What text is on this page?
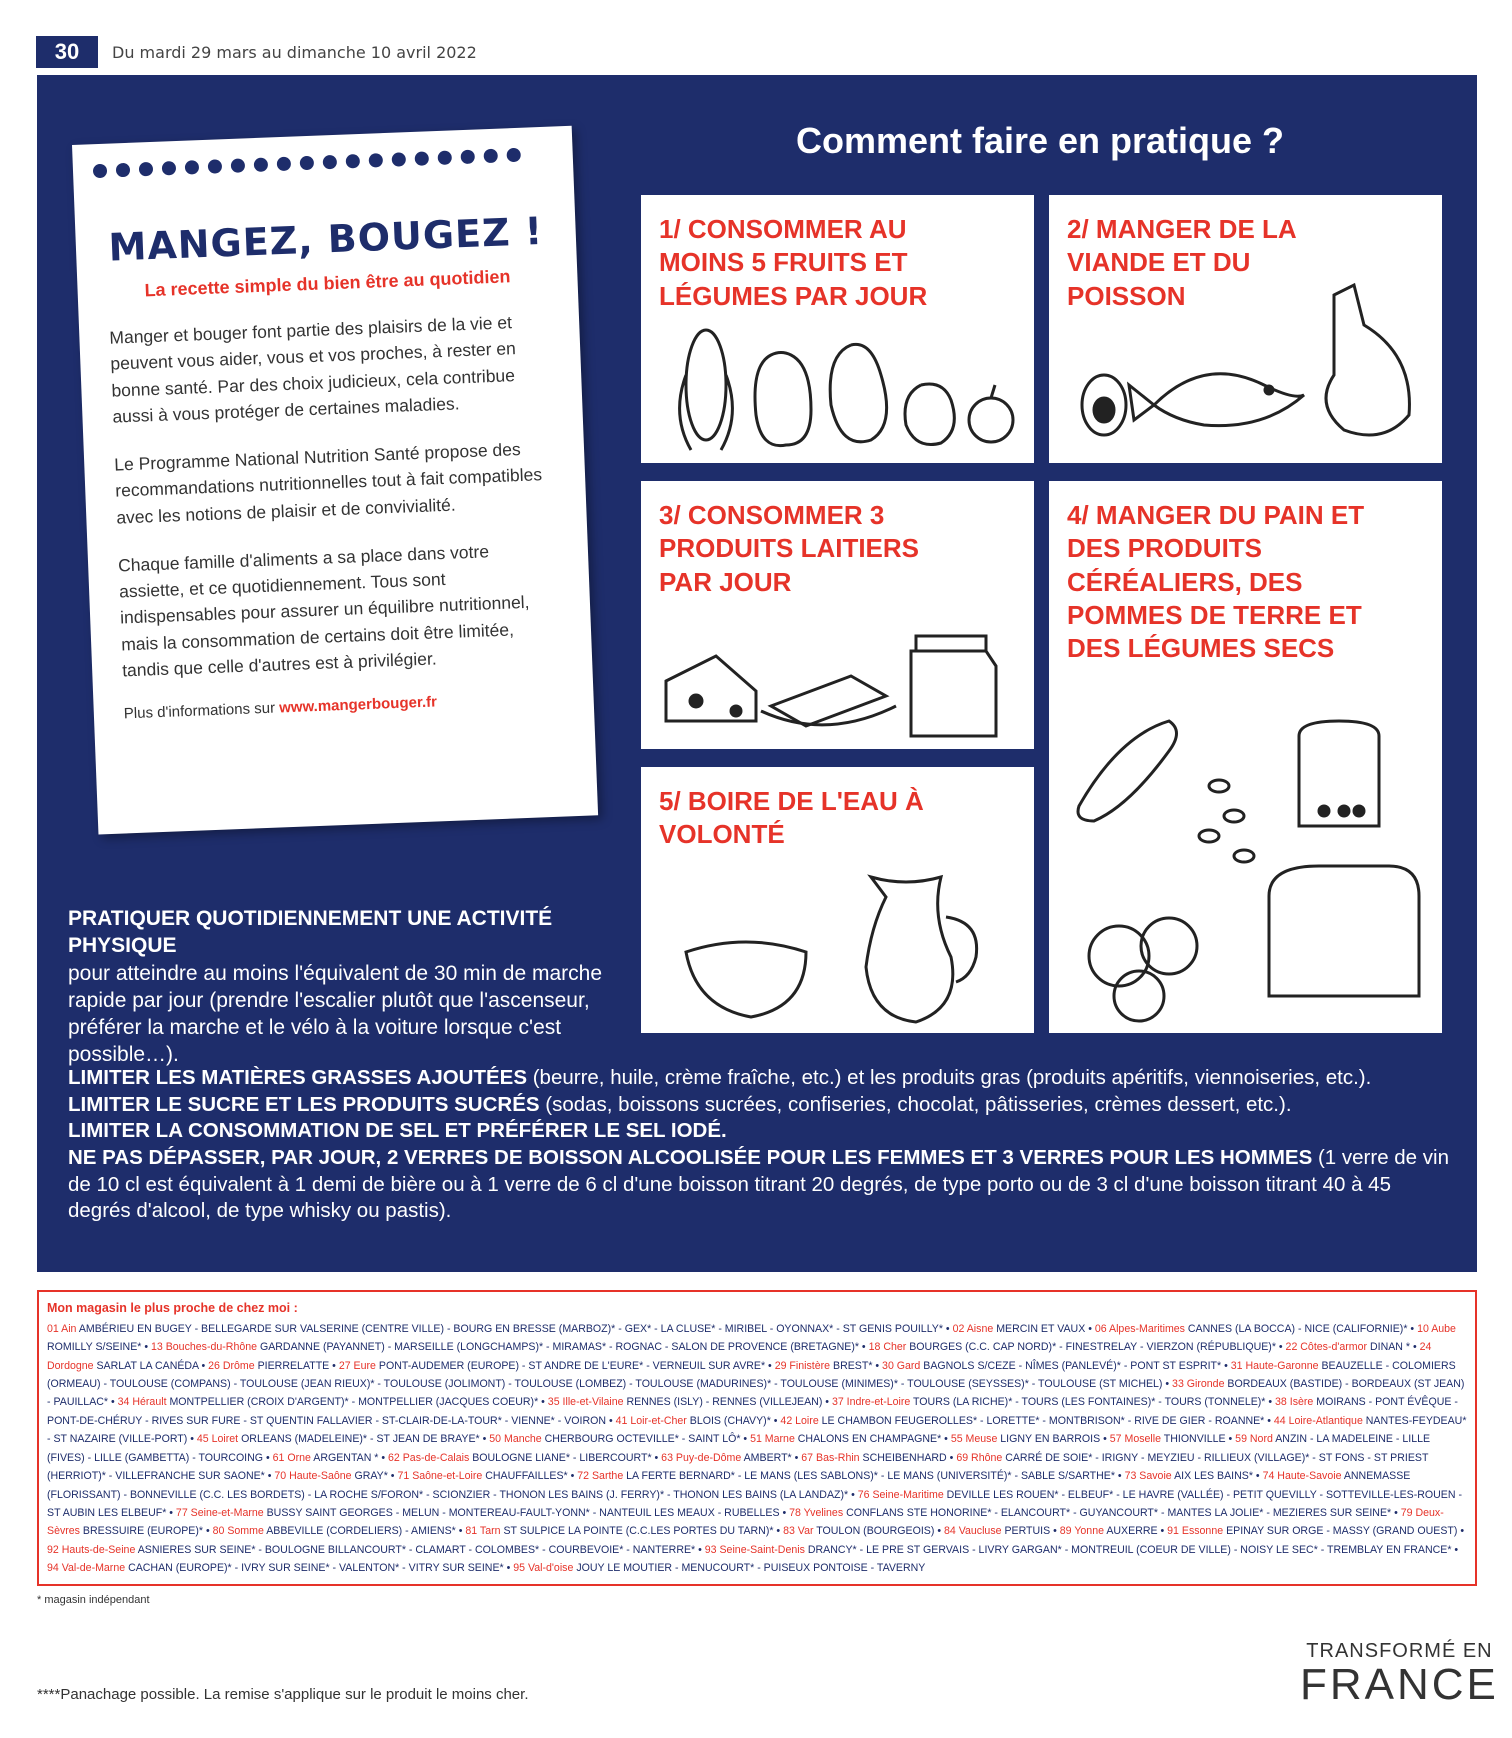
30	Du mardi 29 mars au dimanche 10 avril 2022
MANGEZ, BOUGEZ !
La recette simple du bien être au quotidien

Manger et bouger font partie des plaisirs de la vie et peuvent vous aider, vous et vos proches, à rester en bonne santé. Par des choix judicieux, cela contribue aussi à vous protéger de certaines maladies.

Le Programme National Nutrition Santé propose des recommandations nutritionnelles tout à fait compatibles avec les notions de plaisir et de convivialité.

Chaque famille d'aliments a sa place dans votre assiette, et ce quotidiennement. Tous sont indispensables pour assurer un équilibre nutritionnel, mais la consommation de certains doit être limitée, tandis que celle d'autres est à privilégier.

Plus d'informations sur www.mangerbouger.fr
Comment faire en pratique ?
1/ CONSOMMER AU MOINS 5 FRUITS ET LÉGUMES PAR JOUR
2/ MANGER DE LA VIANDE ET DU POISSON
3/ CONSOMMER 3 PRODUITS LAITIERS PAR JOUR
4/ MANGER DU PAIN ET DES PRODUITS CÉRÉALIERS, DES POMMES DE TERRE ET DES LÉGUMES SECS
5/ BOIRE DE L'EAU À VOLONTÉ
PRATIQUER QUOTIDIENNEMENT UNE ACTIVITÉ PHYSIQUE
pour atteindre au moins l'équivalent de 30 min de marche rapide par jour (prendre l'escalier plutôt que l'ascenseur, préférer la marche et le vélo à la voiture lorsque c'est possible…).
LIMITER LES MATIÈRES GRASSES AJOUTÉES (beurre, huile, crème fraîche, etc.) et les produits gras (produits apéritifs, viennoiseries, etc.).
LIMITER LE SUCRE ET LES PRODUITS SUCRÉS (sodas, boissons sucrées, confiseries, chocolat, pâtisseries, crèmes dessert, etc.).
LIMITER LA CONSOMMATION DE SEL ET PRÉFÉRER LE SEL IODÉ.
NE PAS DÉPASSER, PAR JOUR, 2 VERRES DE BOISSON ALCOOLISÉE POUR LES FEMMES ET 3 VERRES POUR LES HOMMES (1 verre de vin de 10 cl est équivalent à 1 demi de bière ou à 1 verre de 6 cl d'une boisson titrant 20 degrés, de type porto ou de 3 cl d'une boisson titrant 40 à 45 degrés d'alcool, de type whisky ou pastis).
Mon magasin le plus proche de chez moi :
01 Ain AMBÉRIEU EN BUGEY - BELLEGARDE SUR VALSERINE (CENTRE VILLE) - BOURG EN BRESSE (MARBOZ)* - GEX* - LA CLUSE* - MIRIBEL - OYONNAX* - ST GENIS POUILLY* • 02 Aisne MERCIN ET VAUX • 06 Alpes-Maritimes CANNES (LA BOCCA) - NICE (CALIFORNIE)* • 10 Aube ROMILLY S/SEINE* • 13 Bouches-du-Rhône GARDANNE (PAYANNET) - MARSEILLE (LONGCHAMPS)* - MIRAMAS* - ROGNAC - SALON DE PROVENCE (BRETAGNE)* • 18 Cher BOURGES (C.C. CAP NORD)* - FINESTRELAY - VIERZON (RÉPUBLIQUE)* • 22 Côtes-d'armor DINAN * • 24 Dordogne SARLAT LA CANÉDA • 26 Drôme PIERRELATTE • 27 Eure PONT-AUDEMER (EUROPE) - ST ANDRE DE L'EURE* - VERNEUIL SUR AVRE* • 29 Finistère BREST* • 30 Gard BAGNOLS S/CEZE - NÎMES (PANLEVÉ)* - PONT ST ESPRIT* • 31 Haute-Garonne BEAUZELLE - COLOMIERS (ORMEAU) - TOULOUSE (COMPANS) - TOULOUSE (JEAN RIEUX)* - TOULOUSE (JOLIMONT) - TOULOUSE (LOMBEZ) - TOULOUSE (MADURINES)* - TOULOUSE (MINIMES)* - TOULOUSE (SEYSSES)* - TOULOUSE (ST MICHEL) • 33 Gironde BORDEAUX (BASTIDE) - BORDEAUX (ST JEAN) - PAUILLAC* • 34 Hérault MONTPELLIER (CROIX D'ARGENT)* - MONTPELLIER (JACQUES COEUR)* • 35 Ille-et-Vilaine RENNES (ISLY) - RENNES (VILLEJEAN) • 37 Indre-et-Loire TOURS (LA RICHE)* - TOURS (LES FONTAINES)* - TOURS (TONNELE)* • 38 Isère MOIRANS - PONT ÉVÊQUE - PONT-DE-CHÉRUY - RIVES SUR FURE - ST QUENTIN FALLAVIER - ST-CLAIR-DE-LA-TOUR* - VIENNE* - VOIRON • 41 Loir-et-Cher BLOIS (CHAVY)* • 42 Loire LE CHAMBON FEUGEROLLES* - LORETTE* - MONTBRISON* - RIVE DE GIER - ROANNE* • 44 Loire-Atlantique NANTES-FEYDEAU* - ST NAZAIRE (VILLE-PORT) • 45 Loiret ORLEANS (MADELEINE)* - ST JEAN DE BRAYE* • 50 Manche CHERBOURG OCTEVILLE* - SAINT LÔ* • 51 Marne CHALONS EN CHAMPAGNE* • 55 Meuse LIGNY EN BARROIS • 57 Moselle THIONVILLE • 59 Nord ANZIN - LA MADELEINE - LILLE (FIVES) - LILLE (GAMBETTA) - TOURCOING • 61 Orne ARGENTAN * • 62 Pas-de-Calais BOULOGNE LIANE* - LIBERCOURT* • 63 Puy-de-Dôme AMBERT* • 67 Bas-Rhin SCHEIBENHARD • 69 Rhône CARRÉ DE SOIE* - IRIGNY - MEYZIEU - RILLIEUX (VILLAGE)* - ST FONS - ST PRIEST (HERRIOT)* - VILLEFRANCHE SUR SAONE* • 70 Haute-Saône GRAY* • 71 Saône-et-Loire CHAUFFAILLES* • 72 Sarthe LA FERTE BERNARD* - LE MANS (LES SABLONS)* - LE MANS (UNIVERSITÉ)* - SABLE S/SARTHE* • 73 Savoie AIX LES BAINS* • 74 Haute-Savoie ANNEMASSE (FLORISSANT) - BONNEVILLE (C.C. LES BORDETS) - LA ROCHE S/FORON* - SCIONZIER - THONON LES BAINS (J. FERRY)* - THONON LES BAINS (LA LANDAZ)* • 76 Seine-Maritime DEVILLE LES ROUEN* - ELBEUF* - LE HAVRE (VALLÉE) - PETIT QUEVILLY - SOTTEVILLE-LES-ROUEN - ST AUBIN LES ELBEUF* • 77 Seine-et-Marne BUSSY SAINT GEORGES - MELUN - MONTEREAU-FAULT-YONN* - NANTEUIL LES MEAUX - RUBELLES • 78 Yvelines CONFLANS STE HONORINE* - ELANCOURT* - GUYANCOURT* - MANTES LA JOLIE* - MEZIERES SUR SEINE* • 79 Deux-Sèvres BRESSUIRE (EUROPE)* • 80 Somme ABBEVILLE (CORDELIERS) - AMIENS* • 81 Tarn ST SULPICE LA POINTE (C.C.LES PORTES DU TARN)* • 83 Var TOULON (BOURGEOIS) • 84 Vaucluse PERTUIS • 89 Yonne AUXERRE • 91 Essonne EPINAY SUR ORGE - MASSY (GRAND OUEST) • 92 Hauts-de-Seine ASNIERES SUR SEINE* - BOULOGNE BILLANCOURT* - CLAMART - COLOMBES* - COURBEVOIE* - NANTERRE* • 93 Seine-Saint-Denis DRANCY* - LE PRE ST GERVAIS - LIVRY GARGAN* - MONTREUIL (COEUR DE VILLE) - NOISY LE SEC* - TREMBLAY EN FRANCE* • 94 Val-de-Marne CACHAN (EUROPE)* - IVRY SUR SEINE* - VALENTON* - VITRY SUR SEINE* • 95 Val-d'oise JOUY LE MOUTIER - MENUCOURT* - PUISEUX PONTOISE - TAVERNY
* magasin indépendant
****Panachage possible. La remise s'applique sur le produit le moins cher.
TRANSFORMÉ EN
FRANCE
